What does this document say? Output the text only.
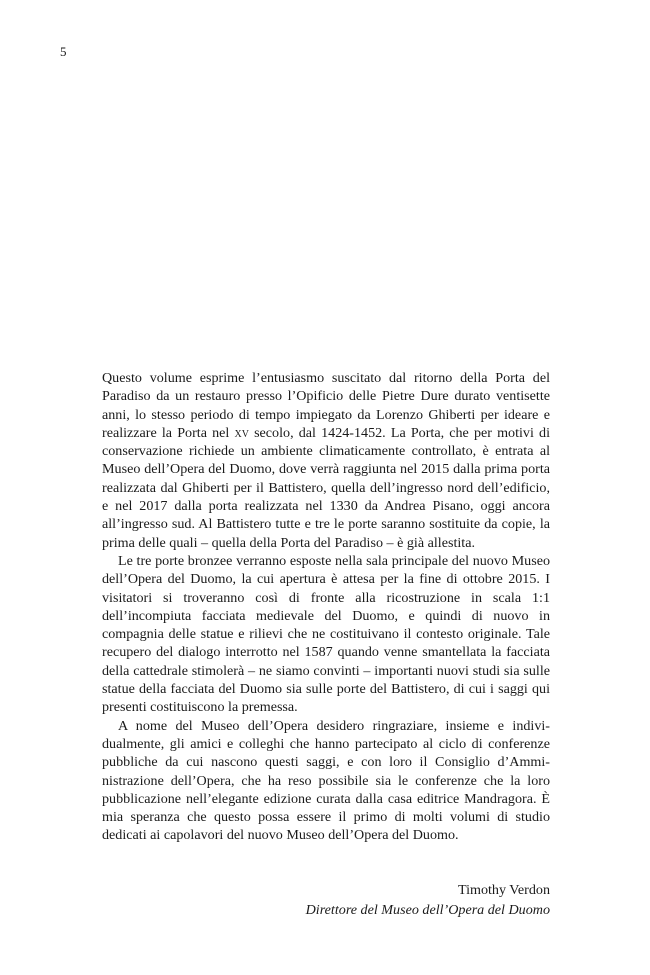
5

Questo volume esprime l’entusiasmo suscitato dal ritorno della Porta del Paradiso da un restauro presso l’Opificio delle Pietre Dure durato ventisette anni, lo stesso periodo di tempo impiegato da Lorenzo Ghiberti per ideare e realizzare la Porta nel xv secolo, dal 1424-1452. La Porta, che per motivi di conservazione richiede un ambiente climaticamente controllato, è entrata al Museo dell’Opera del Duomo, dove verrà raggiunta nel 2015 dalla prima porta realizzata dal Ghiberti per il Battistero, quella dell’ingresso nord dell’edificio, e nel 2017 dalla porta realizzata nel 1330 da Andrea Pisano, oggi ancora all’ingresso sud. Al Battistero tutte e tre le porte saranno sostituite da copie, la prima delle quali – quella della Porta del Paradiso – è già allestita.

Le tre porte bronzee verranno esposte nella sala principale del nuovo Museo dell’Opera del Duomo, la cui apertura è attesa per la fine di ottobre 2015. I visitatori si troveranno così di fronte alla ricostruzione in scala 1:1 dell’incompiuta facciata medievale del Duomo, e quindi di nuovo in compagnia delle statue e rilievi che ne costituivano il contesto originale. Tale recupero del dialogo interrotto nel 1587 quando venne smantellata la facciata della cattedrale stimolerà – ne siamo convinti – importanti nuovi studi sia sulle statue della facciata del Duomo sia sulle porte del Battistero, di cui i saggi qui presenti costituiscono la premessa.

A nome del Museo dell’Opera desidero ringraziare, insieme e individualmente, gli amici e colleghi che hanno partecipato al ciclo di conferenze pubbliche da cui nascono questi saggi, e con loro il Consiglio d’Amministrazione dell’Opera, che ha reso possibile sia le conferenze che la loro pubblicazione nell’elegante edizione curata dalla casa editrice Mandragora. È mia speranza che questo possa essere il primo di molti volumi di studio dedicati ai capolavori del nuovo Museo dell’Opera del Duomo.

Timothy Verdon
Direttore del Museo dell’Opera del Duomo
